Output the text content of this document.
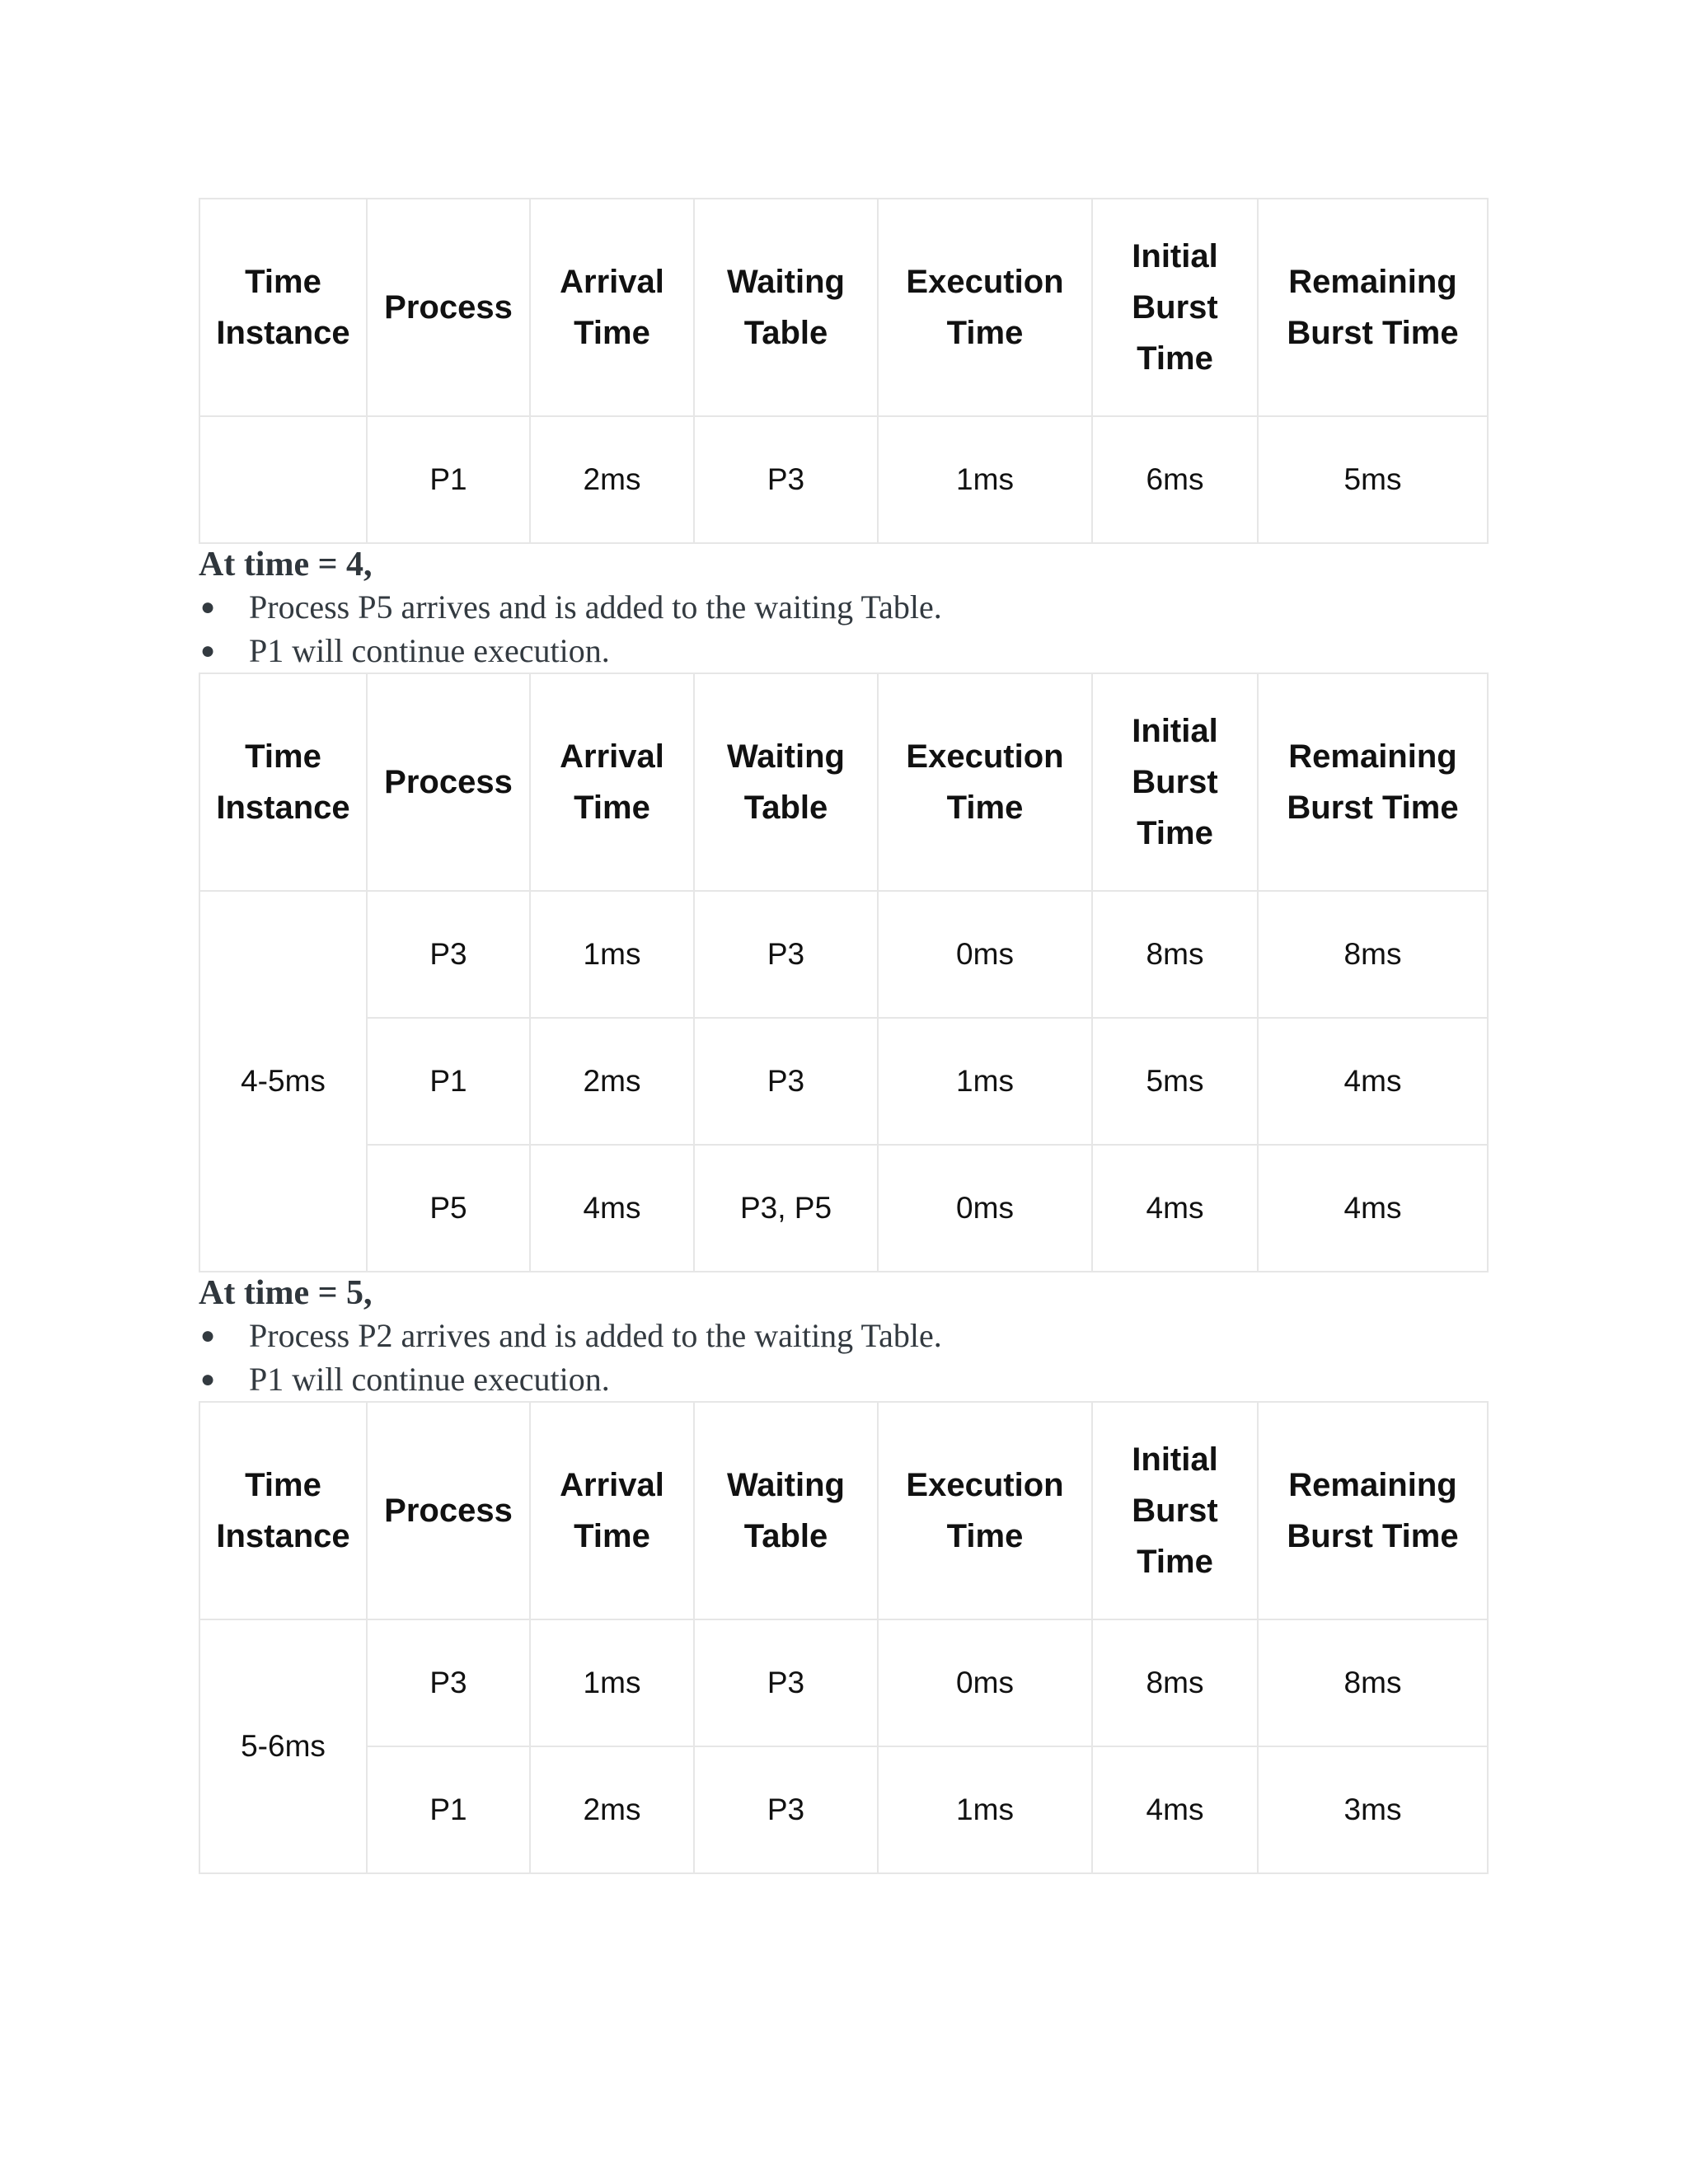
Time Instance	Process	Arrival Time	Waiting Table	Execution Time	Initial Burst Time	Remaining Burst Time
	P1	2ms	P3	1ms	6ms	5ms
At time = 4,
● Process P5 arrives and is added to the waiting Table.
● P1 will continue execution.
Time Instance	Process	Arrival Time	Waiting Table	Execution Time	Initial Burst Time	Remaining Burst Time
4-5ms	P3	1ms	P3	0ms	8ms	8ms
	P1	2ms	P3	1ms	5ms	4ms
	P5	4ms	P3, P5	0ms	4ms	4ms
At time = 5,
● Process P2 arrives and is added to the waiting Table.
● P1 will continue execution.
Time Instance	Process	Arrival Time	Waiting Table	Execution Time	Initial Burst Time	Remaining Burst Time
5-6ms	P3	1ms	P3	0ms	8ms	8ms
	P1	2ms	P3	1ms	4ms	3ms
